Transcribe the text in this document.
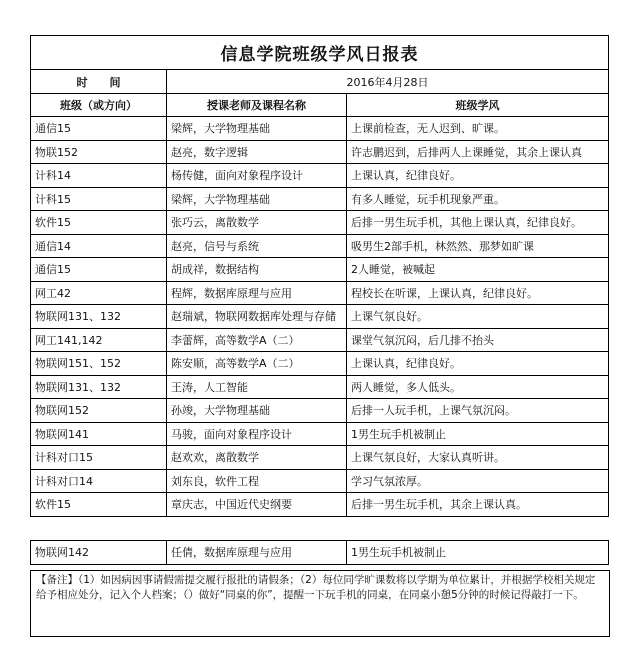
信息学院班级学风日报表		
时　　间	2016年4月28日	
班级（或方向）	授课老师及课程名称	班级学风
通信15	梁辉，大学物理基础	上课前检查，无人迟到、旷课。
物联152	赵亮，数字逻辑	许志鹏迟到，后排两人上课睡觉，其余上课认真
计科14	杨传健，面向对象程序设计	上课认真，纪律良好。
计科15	梁辉，大学物理基础	有多人睡觉，玩手机现象严重。
软件15	张巧云，离散数学	后排一男生玩手机，其他上课认真，纪律良好。
通信14	赵亮，信号与系统	吸男生2部手机，林然然、那梦如旷课
通信15	胡成祥，数据结构	2人睡觉，被喊起
网工42	程辉，数据库原理与应用	程校长在听课，上课认真，纪律良好。
物联网131、132	赵瑞斌，物联网数据库处理与存储	上课气氛良好。
网工141,142	李蕾辉，高等数学A（二）	课堂气氛沉闷，后几排不抬头
物联网151、152	陈安顺，高等数学A（二）	上课认真，纪律良好。
物联网131、132	王涛，人工智能	两人睡觉，多人低头。
物联网152	孙竣，大学物理基础	后排一人玩手机，上课气氛沉闷。
物联网141	马骏，面向对象程序设计	1男生玩手机被制止
计科对口15	赵欢欢，离散数学	上课气氛良好，大家认真听讲。
计科对口14	刘东良，软件工程	学习气氛浓厚。
软件15	章庆志，中国近代史纲要	后排一男生玩手机，其余上课认真。
物联网142	任倩，数据库原理与应用	1男生玩手机被制止
【备注】（1）如因病因事请假需提交履行报批的请假条；（2）每位同学旷课数将以学期为单位累计，并根据学校相关规定给予相应处分，记入个人档案；（）做好“同桌的你”，提醒一下玩手机的同桌，在同桌小憩5分钟的时候记得敲打一下。
